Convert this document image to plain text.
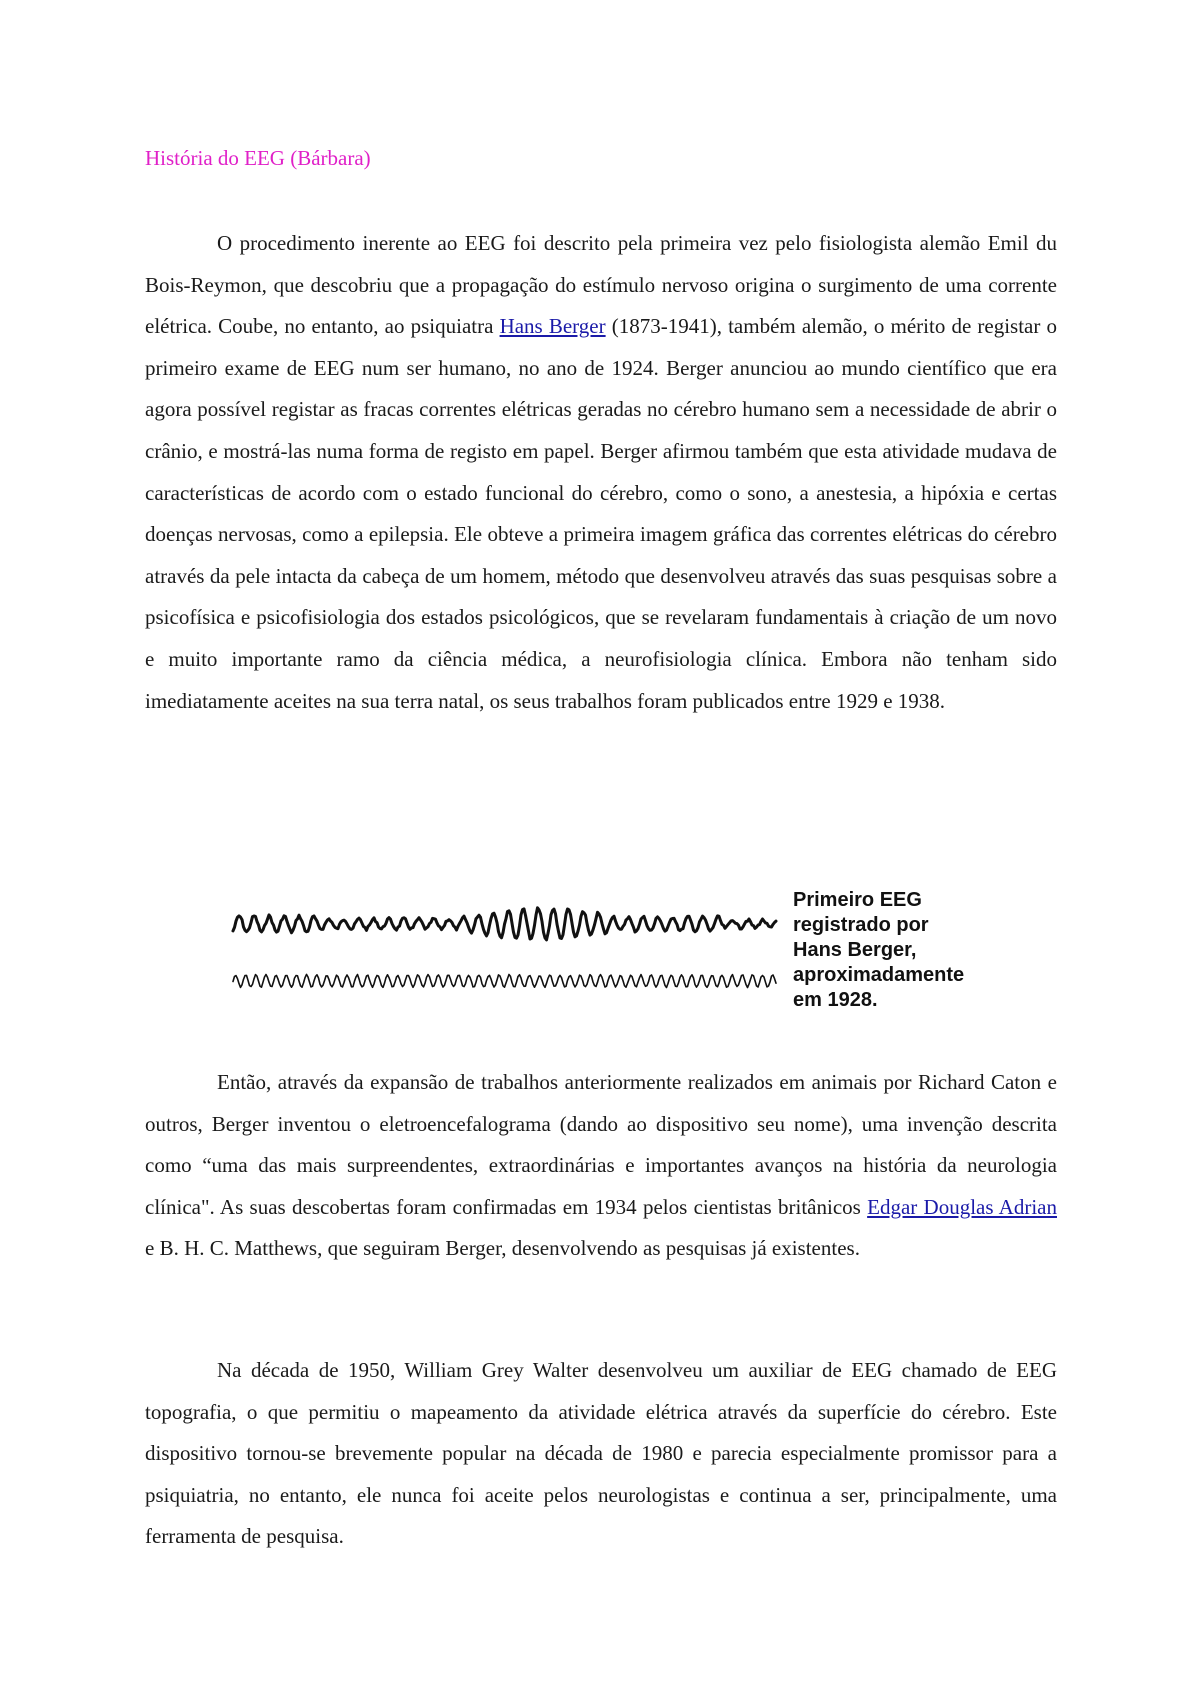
História do EEG (Bárbara)

O procedimento inerente ao EEG foi descrito pela primeira vez pelo fisiologista alemão Emil du Bois-Reymon, que descobriu que a propagação do estímulo nervoso origina o surgimento de uma corrente elétrica. Coube, no entanto, ao psiquiatra Hans Berger (1873-1941), também alemão, o mérito de registar o primeiro exame de EEG num ser humano, no ano de 1924. Berger anunciou ao mundo científico que era agora possível registar as fracas correntes elétricas geradas no cérebro humano sem a necessidade de abrir o crânio, e mostrá-las numa forma de registo em papel. Berger afirmou também que esta atividade mudava de características de acordo com o estado funcional do cérebro, como o sono, a anestesia, a hipóxia e certas doenças nervosas, como a epilepsia. Ele obteve a primeira imagem gráfica das correntes elétricas do cérebro através da pele intacta da cabeça de um homem, método que desenvolveu através das suas pesquisas sobre a psicofísica e psicofisiologia dos estados psicológicos, que se revelaram fundamentais à criação de um novo e muito importante ramo da ciência médica, a neurofisiologia clínica. Embora não tenham sido imediatamente aceites na sua terra natal, os seus trabalhos foram publicados entre 1929 e 1938.

Primeiro EEG
registrado por
Hans Berger,
aproximadamente
em 1928.

Então, através da expansão de trabalhos anteriormente realizados em animais por Richard Caton e outros, Berger inventou o eletroencefalograma (dando ao dispositivo seu nome), uma invenção descrita como “uma das mais surpreendentes, extraordinárias e importantes avanços na história da neurologia clínica". As suas descobertas foram confirmadas em 1934 pelos cientistas britânicos Edgar Douglas Adrian e B. H. C. Matthews, que seguiram Berger, desenvolvendo as pesquisas já existentes.

Na década de 1950, William Grey Walter desenvolveu um auxiliar de EEG chamado de EEG topografia, o que permitiu o mapeamento da atividade elétrica através da superfície do cérebro. Este dispositivo tornou-se brevemente popular na década de 1980 e parecia especialmente promissor para a psiquiatria, no entanto, ele nunca foi aceite pelos neurologistas e continua a ser, principalmente, uma ferramenta de pesquisa.
